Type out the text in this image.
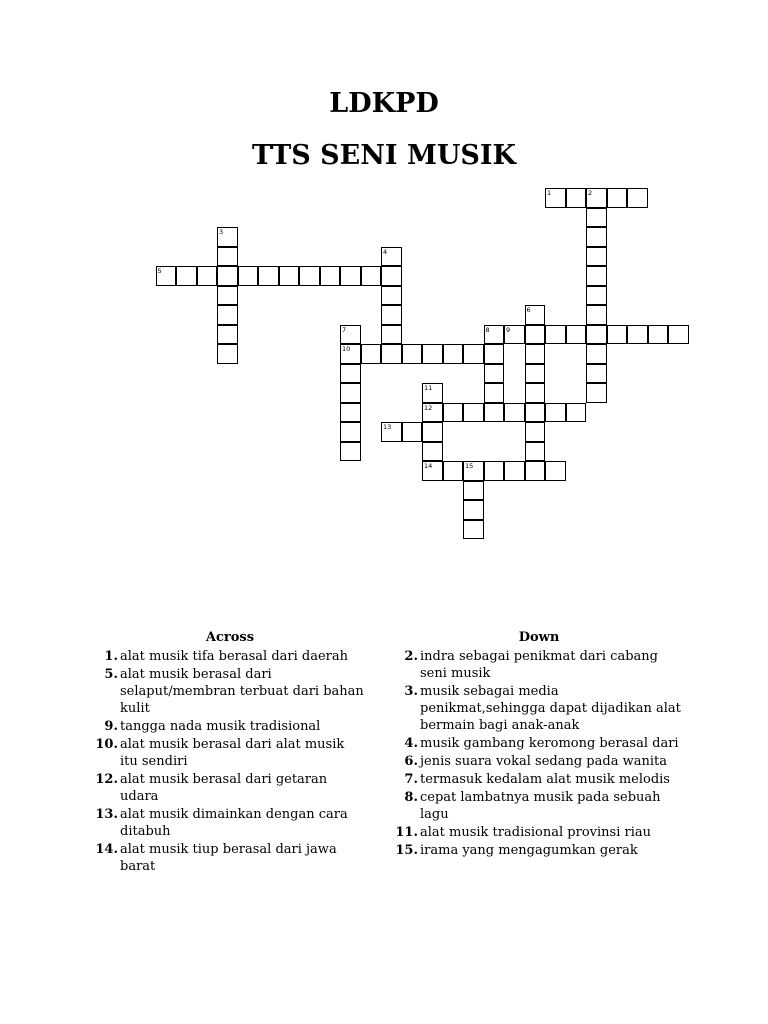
LDKPD
TTS SENI MUSIK
1	2
3
4
5
6
7
10
8	9
11
12
14
13
15
Across
1. alat musik tifa berasal dari daerah
5. alat musik berasal dari selaput/membran terbuat dari bahan kulit
9. tangga nada musik tradisional
10. alat musik berasal dari alat musik itu sendiri
12. alat musik berasal dari getaran udara
13. alat musik dimainkan dengan cara ditabuh
14. alat musik tiup berasal dari jawa barat
Down
2. indra sebagai penikmat dari cabang seni musik
3. musik sebagai media penikmat,sehingga dapat dijadikan alat bermain bagi anak-anak
4. musik gambang keromong berasal dari
6. jenis suara vokal sedang pada wanita
7. termasuk kedalam alat musik melodis
8. cepat lambatnya musik pada sebuah lagu
11. alat musik tradisional provinsi riau
15. irama yang mengagumkan gerak
